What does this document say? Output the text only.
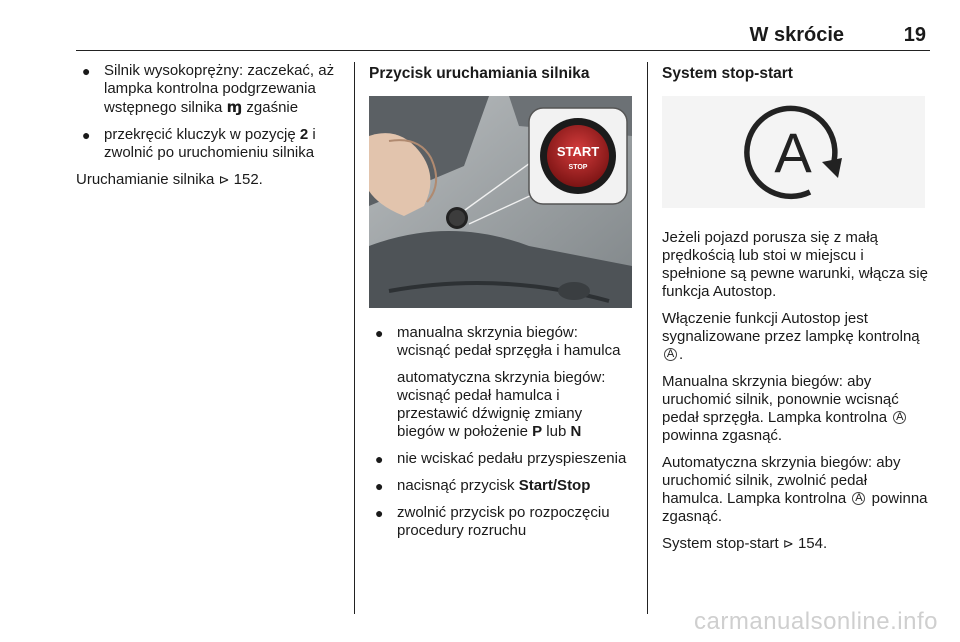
W skrócie	19
● Silnik wysokoprężny: zaczekać, aż lampka kontrolna podgrzewania wstępnego silnika ɱ zgaśnie
● przekręcić kluczyk w pozycję 2 i zwolnić po uruchomieniu silnika

Uruchamianie silnika ⊳ 152.

Przycisk uruchamiania silnika
START
STOP
● manualna skrzynia biegów: wcisnąć pedał sprzęgła i hamulca
automatyczna skrzynia biegów: wcisnąć pedał hamulca i przestawić dźwignię zmiany biegów w położenie P lub N
● nie wciskać pedału przyspieszenia
● nacisnąć przycisk Start/Stop
● zwolnić przycisk po rozpoczęciu procedury rozruchu
System stop-start
A

Jeżeli pojazd porusza się z małą prędkością lub stoi w miejscu i spełnione są pewne warunki, włącza się funkcja Autostop.

Włączenie funkcji Autostop jest sygnalizowane przez lampkę kontrolną A .

Manualna skrzynia biegów: aby uruchomić silnik, ponownie wcisnąć pedał sprzęgła. Lampka kontrolna A powinna zgasnąć.

Automatyczna skrzynia biegów: aby uruchomić silnik, zwolnić pedał hamulca. Lampka kontrolna A powinna zgasnąć.

System stop-start ⊳ 154.

carmanualsonline.info
